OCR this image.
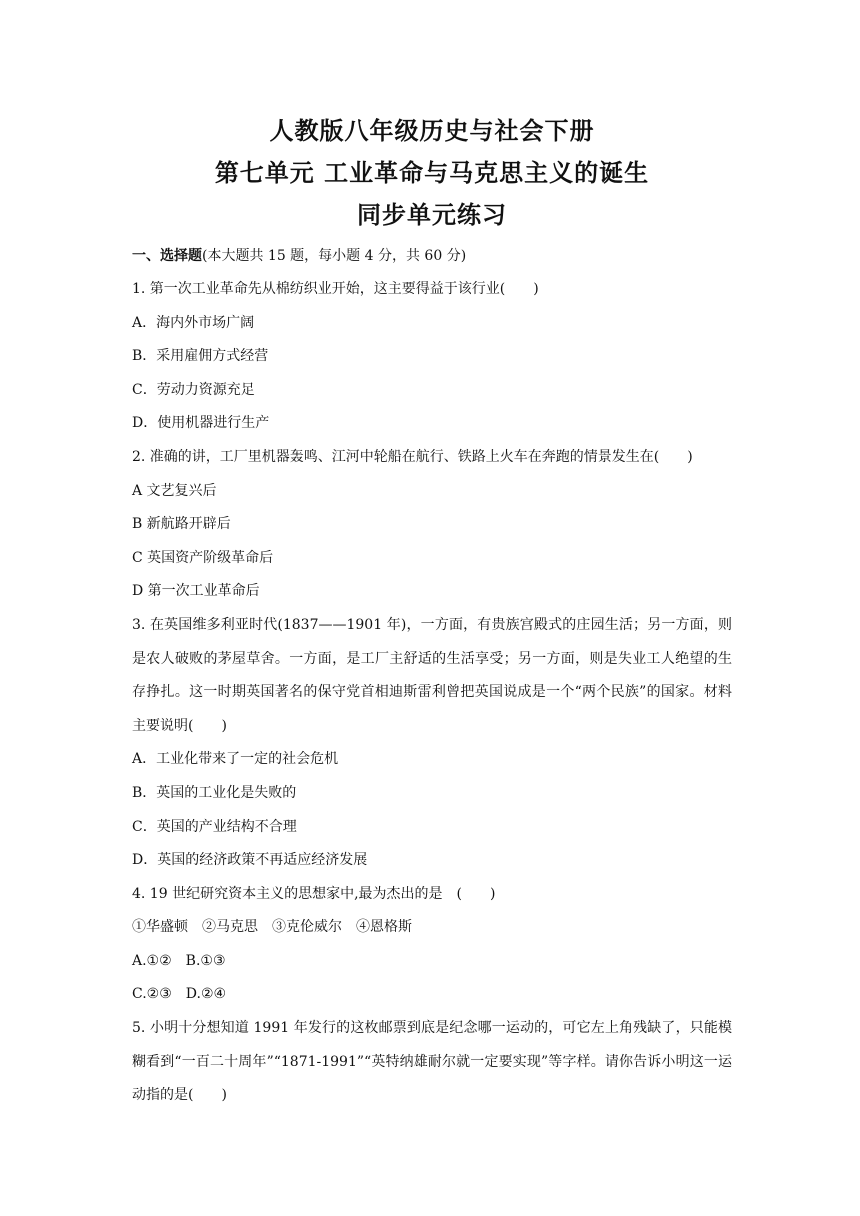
人教版八年级历史与社会下册
第七单元 工业革命与马克思主义的诞生
同步单元练习
一、选择题(本大题共 15 题，每小题 4 分，共 60 分)
1. 第一次工业革命先从棉纺织业开始，这主要得益于该行业(　　)
A．海内外市场广阔
B．采用雇佣方式经营
C．劳动力资源充足
D．使用机器进行生产
2. 准确的讲，工厂里机器轰鸣、江河中轮船在航行、铁路上火车在奔跑的情景发生在(　　)
A 文艺复兴后
B 新航路开辟后
C 英国资产阶级革命后
D 第一次工业革命后
3. 在英国维多利亚时代(1837——1901 年)，一方面，有贵族宫殿式的庄园生活；另一方面，则是农人破败的茅屋草舍。一方面，是工厂主舒适的生活享受；另一方面，则是失业工人绝望的生存挣扎。这一时期英国著名的保守党首相迪斯雷利曾把英国说成是一个“两个民族”的国家。材料主要说明(　　)
A．工业化带来了一定的社会危机
B．英国的工业化是失败的
C．英国的产业结构不合理
D．英国的经济政策不再适应经济发展
4. 19 世纪研究资本主义的思想家中,最为杰出的是　(　　)
①华盛顿　②马克思　③克伦威尔　④恩格斯
A.①②　B.①③
C.②③　D.②④
5. 小明十分想知道 1991 年发行的这枚邮票到底是纪念哪一运动的，可它左上角残缺了，只能模糊看到“一百二十周年”“1871-1991”“英特纳雄耐尔就一定要实现”等字样。请你告诉小明这一运动指的是(　　)
